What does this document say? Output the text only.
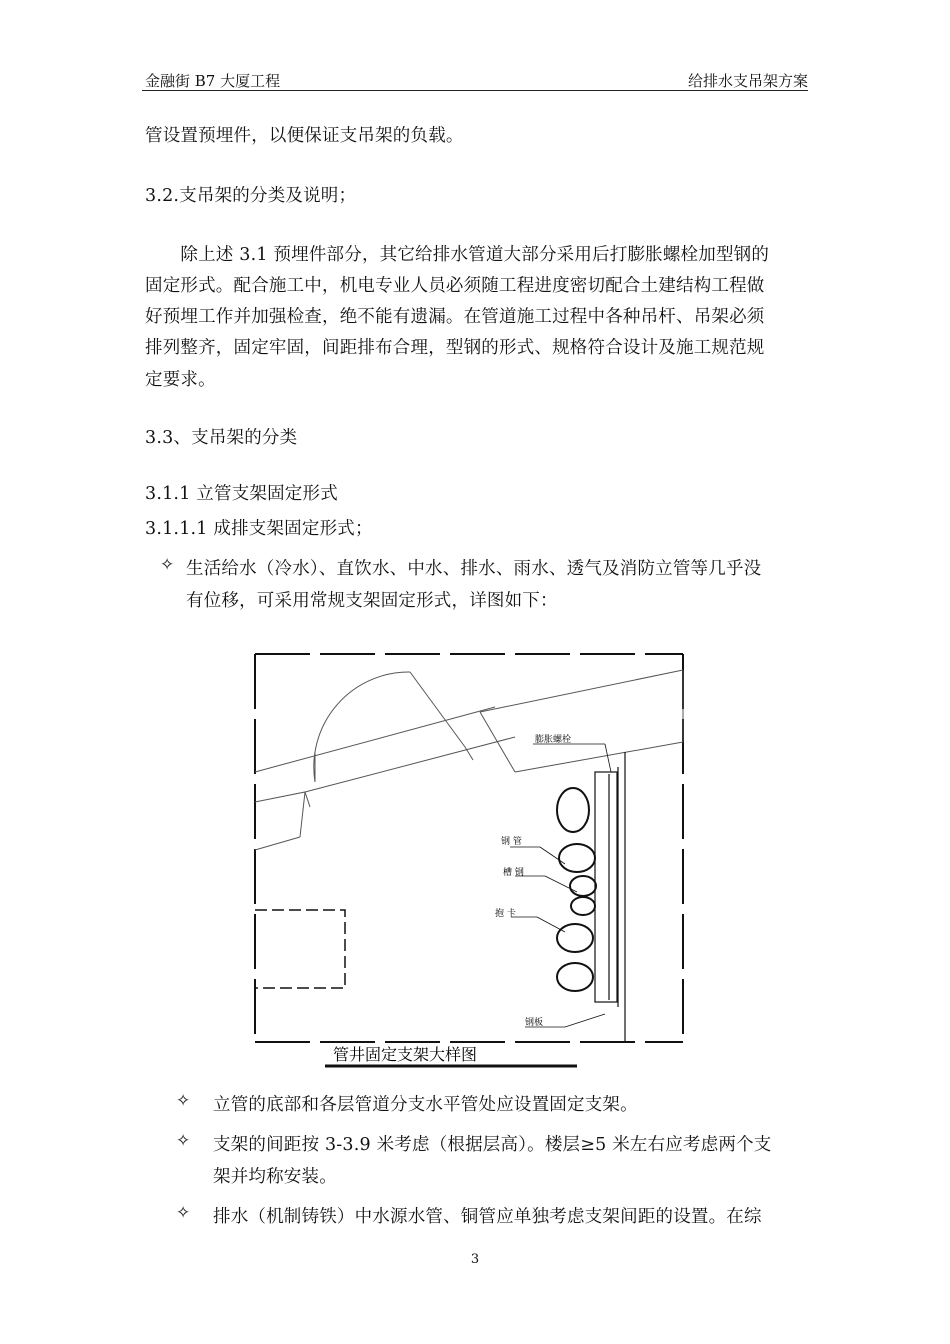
金融街 B7 大厦工程	给排水支吊架方案
管设置预埋件，以便保证支吊架的负载。
3.2.支吊架的分类及说明；
　　除上述 3.1 预埋件部分，其它给排水管道大部分采用后打膨胀螺栓加型钢的
固定形式。配合施工中，机电专业人员必须随工程进度密切配合土建结构工程做
好预埋工作并加强检查，绝不能有遗漏。在管道施工过程中各种吊杆、吊架必须
排列整齐，固定牢固，间距排布合理，型钢的形式、规格符合设计及施工规范规
定要求。
3.3、支吊架的分类
3.1.1 立管支架固定形式
3.1.1.1 成排支架固定形式；
✧ 生活给水（冷水）、直饮水、中水、排水、雨水、透气及消防立管等几乎没
有位移，可采用常规支架固定形式，详图如下：
膨胀螺栓
钢 管
槽 钢
抱 卡
钢板
管井固定支架大样图
✧ 立管的底部和各层管道分支水平管处应设置固定支架。
✧ 支架的间距按 3-3.9 米考虑（根据层高）。楼层≥5 米左右应考虑两个支
架并均称安装。
✧ 排水（机制铸铁）中水源水管、铜管应单独考虑支架间距的设置。在综
3
